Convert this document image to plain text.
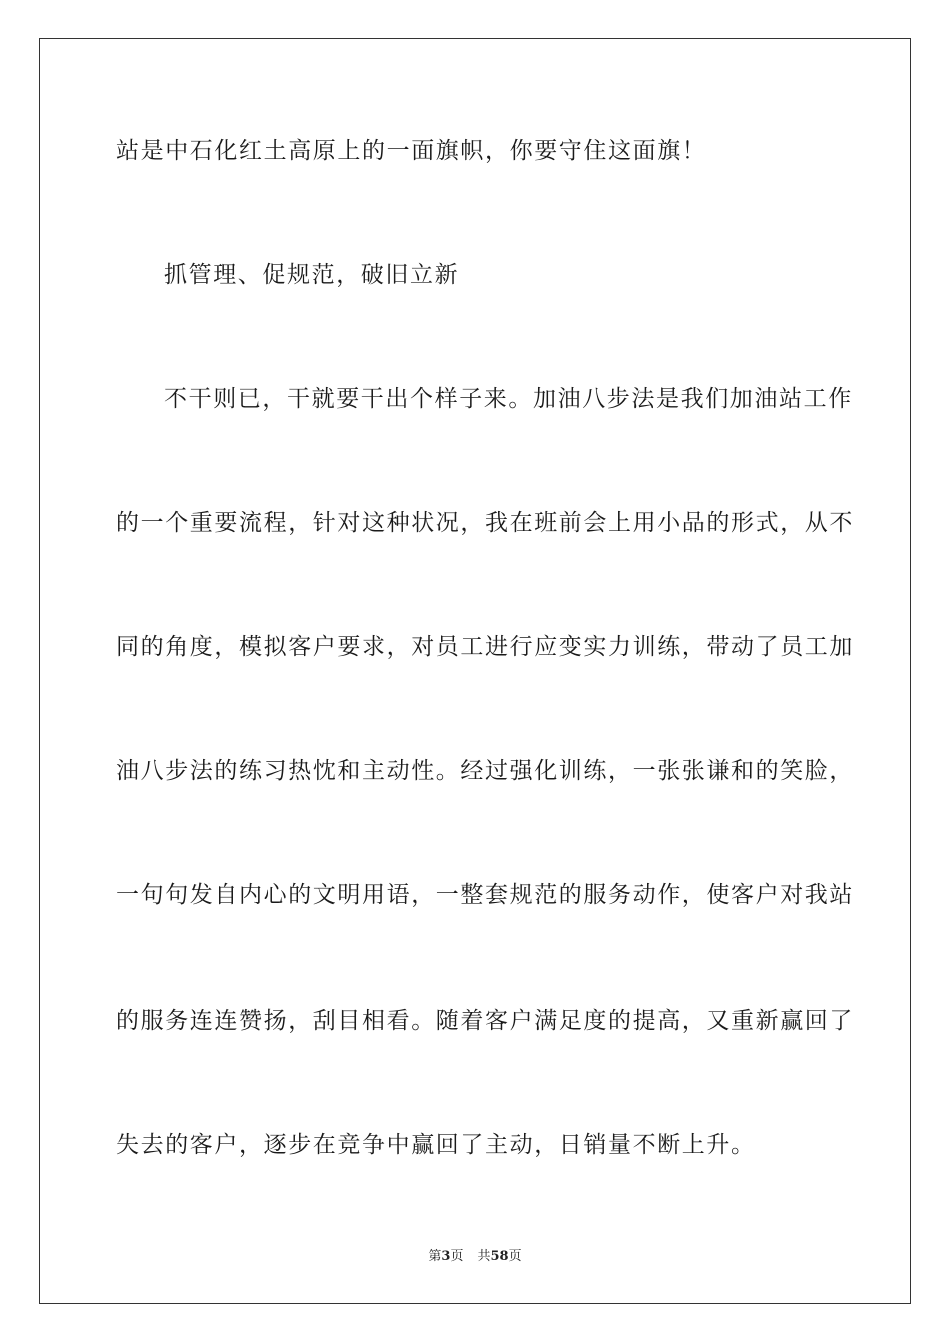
站是中石化红土高原上的一面旗帜，你要守住这面旗！
抓管理、促规范，破旧立新
不干则已，干就要干出个样子来。加油八步法是我们加油站工作
的一个重要流程，针对这种状况，我在班前会上用小品的形式，从不
同的角度，模拟客户要求，对员工进行应变实力训练，带动了员工加
油八步法的练习热忱和主动性。经过强化训练，一张张谦和的笑脸，
一句句发自内心的文明用语，一整套规范的服务动作，使客户对我站
的服务连连赞扬，刮目相看。随着客户满足度的提高，又重新赢回了
失去的客户，逐步在竞争中赢回了主动，日销量不断上升。
第3页 共58页
